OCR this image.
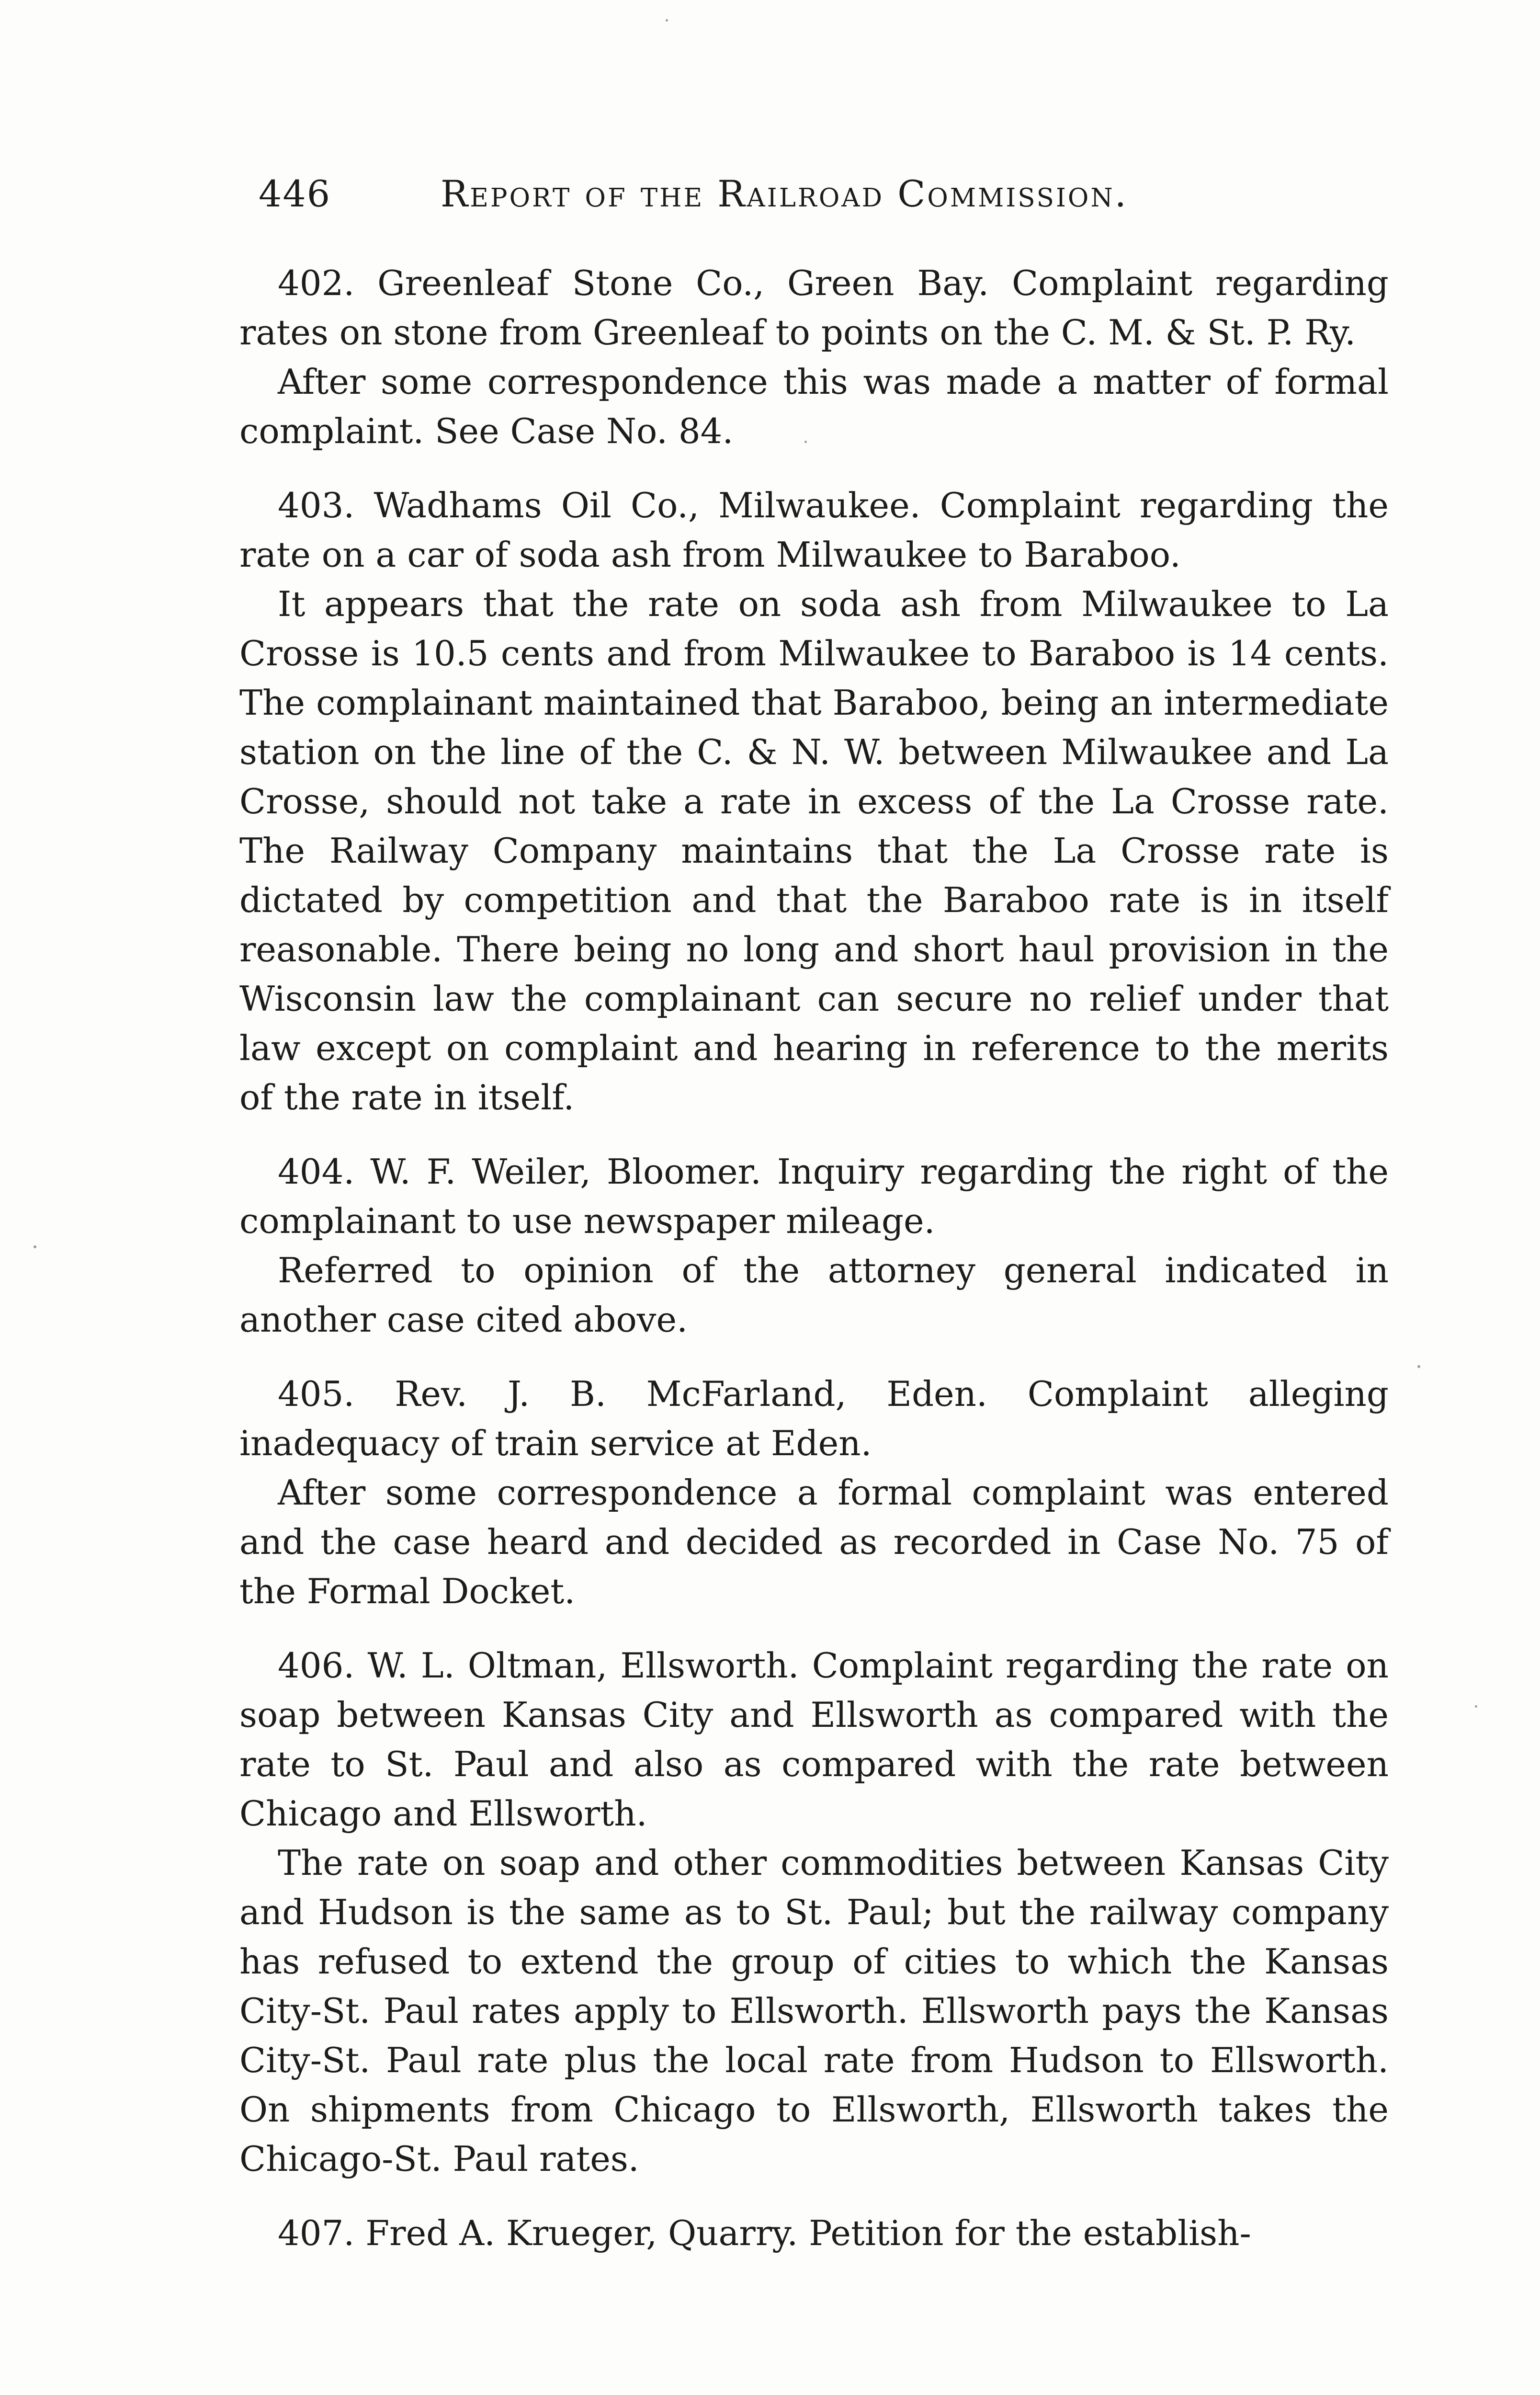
446	Report of the Railroad Commission.

402. Greenleaf Stone Co., Green Bay. Complaint regarding rates on stone from Greenleaf to points on the C. M. & St. P. Ry.

After some correspondence this was made a matter of formal complaint. See Case No. 84.

403. Wadhams Oil Co., Milwaukee. Complaint regarding the rate on a car of soda ash from Milwaukee to Baraboo.

It appears that the rate on soda ash from Milwaukee to La Crosse is 10.5 cents and from Milwaukee to Baraboo is 14 cents. The complainant maintained that Baraboo, being an intermediate station on the line of the C. & N. W. between Milwaukee and La Crosse, should not take a rate in excess of the La Crosse rate. The Railway Company maintains that the La Crosse rate is dictated by competition and that the Baraboo rate is in itself reasonable. There being no long and short haul provision in the Wisconsin law the complainant can secure no relief under that law except on complaint and hearing in reference to the merits of the rate in itself.

404. W. F. Weiler, Bloomer. Inquiry regarding the right of the complainant to use newspaper mileage.

Referred to opinion of the attorney general indicated in another case cited above.

405. Rev. J. B. McFarland, Eden. Complaint alleging inadequacy of train service at Eden.

After some correspondence a formal complaint was entered and the case heard and decided as recorded in Case No. 75 of the Formal Docket.

406. W. L. Oltman, Ellsworth. Complaint regarding the rate on soap between Kansas City and Ellsworth as compared with the rate to St. Paul and also as compared with the rate between Chicago and Ellsworth.

The rate on soap and other commodities between Kansas City and Hudson is the same as to St. Paul; but the railway company has refused to extend the group of cities to which the Kansas City-St. Paul rates apply to Ellsworth. Ellsworth pays the Kansas City-St. Paul rate plus the local rate from Hudson to Ellsworth. On shipments from Chicago to Ellsworth, Ellsworth takes the Chicago-St. Paul rates.

407. Fred A. Krueger, Quarry. Petition for the establish-
